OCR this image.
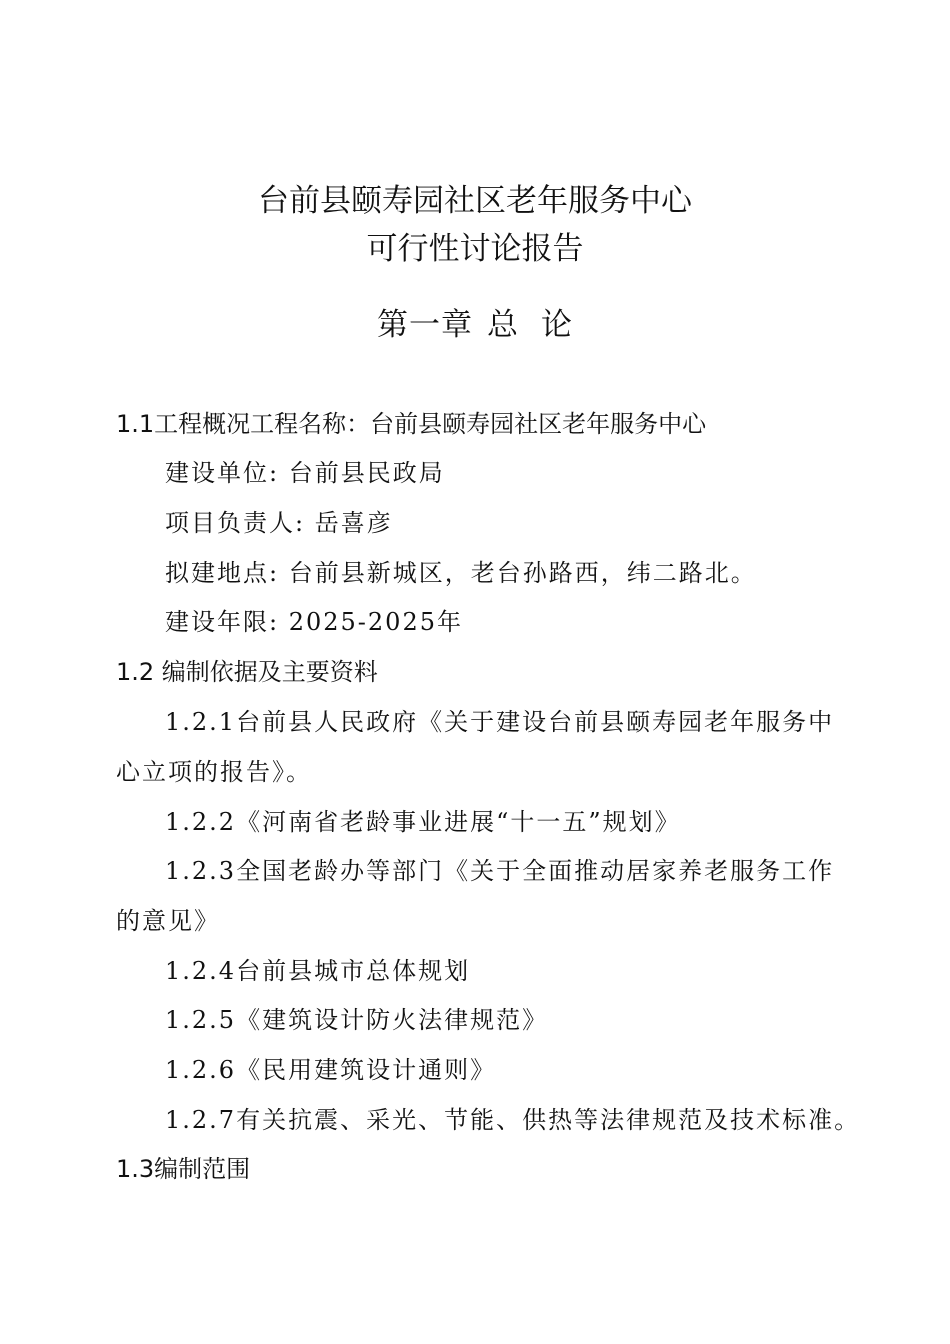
台前县颐寿园社区老年服务中心
可行性讨论报告
第一章 总 论
1.1工程概况工程名称：台前县颐寿园社区老年服务中心
建设单位: 台前县民政局
项目负责人: 岳喜彦
拟建地点: 台前县新城区，老台孙路西，纬二路北。
建设年限: 2025-2025年
1.2 编制依据及主要资料
1.2.1台前县人民政府《关于建设台前县颐寿园老年服务中
心立项的报告》。
1.2.2《河南省老龄事业进展“十一五”规划》
1.2.3全国老龄办等部门《关于全面推动居家养老服务工作
的意见》
1.2.4台前县城市总体规划
1.2.5《建筑设计防火法律规范》
1.2.6《民用建筑设计通则》
1.2.7有关抗震、采光、节能、供热等法律规范及技术标准。
1.3编制范围
